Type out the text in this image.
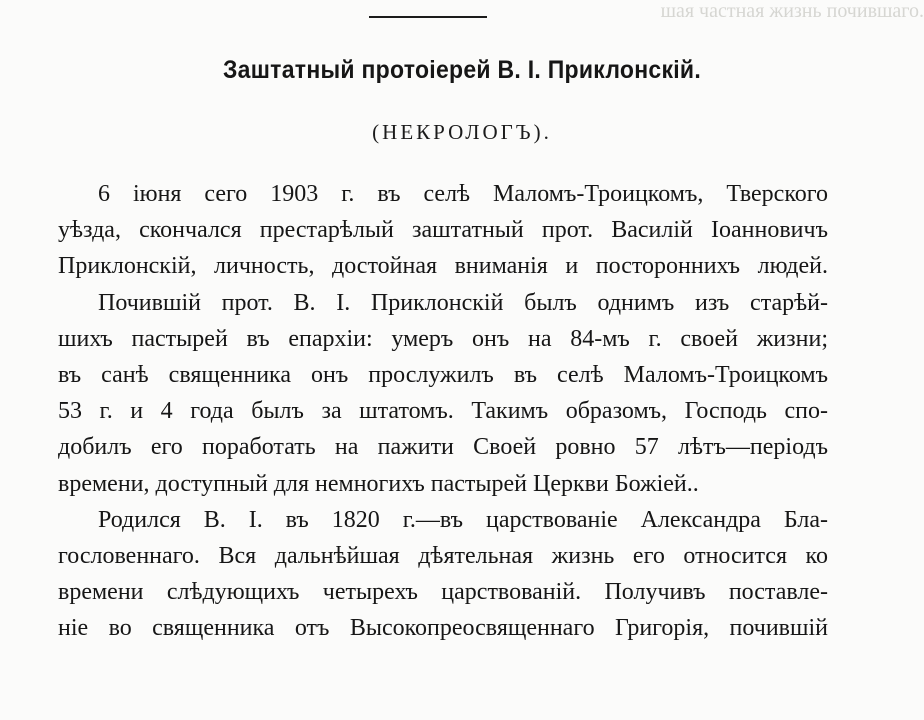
шая частная жизнь почившаго.
Заштатный протоiерей В. I. Приклонскiй.
(НЕКРОЛОГЪ).
6 iюня сего 1903 г. въ селѣ Маломъ-Троицкомъ, Тверского
уѣзда, скончался престарѣлый заштатный прот. Василiй Iоанновичъ
Приклонскiй, личность, достойная вниманiя и постороннихъ людей.
Почившiй прот. В. I. Приклонскiй былъ однимъ изъ старѣй-
шихъ пастырей въ епархiи: умеръ онъ на 84-мъ г. своей жизни;
въ санѣ священника онъ прослужилъ въ селѣ Маломъ-Троицкомъ
53 г. и 4 года былъ за штатомъ. Такимъ образомъ, Господь спо-
добилъ его поработать на пажити Своей ровно 57 лѣтъ—перiодъ
времени, доступный для немногихъ пастырей Церкви Божiей..
Родился В. I. въ 1820 г.—въ царствованiе Александра Бла-
гословеннаго. Вся дальнѣйшая дѣятельная жизнь его относится ко
времени слѣдующихъ четырехъ царствованiй. Получивъ поставле-
нiе во священника отъ Высокопреосвященнаго Григорiя, почившiй
